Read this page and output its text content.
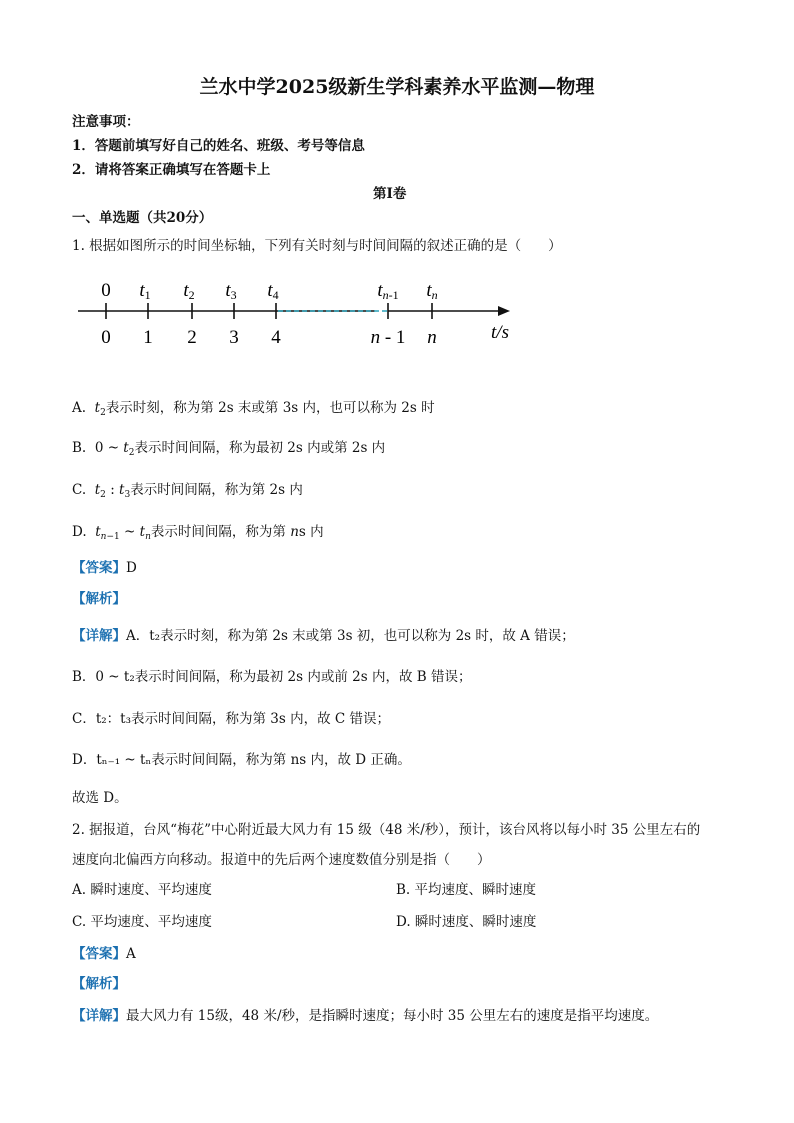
兰水中学2025级新生学科素养水平监测—物理
注意事项：
1．答题前填写好自己的姓名、班级、考号等信息
2．请将答案正确填写在答题卡上
第Ⅰ卷
一、单选题（共20分）
1. 根据如图所示的时间坐标轴，下列有关时刻与时间间隔的叙述正确的是（　　）
0 t1 t2 t3 t4	tn-1 tn
0 1 2 3 4	n - 1 n	t/s
A. $t_2$表示时刻，称为第 2s 末或第 3s 内，也可以称为 2s 时
B. 0 ~ $t_2$表示时间间隔，称为最初 2s 内或第 2s 内
C. $t_2$ : $t_3$表示时间间隔，称为第 2s 内
D. $t_{n-1}$ ~ $t_n$表示时间间隔，称为第 ns 内
【答案】D
【解析】
【详解】A．t₂表示时刻，称为第 2s 末或第 3s 初，也可以称为 2s 时，故 A 错误；
B．0 ~ t₂表示时间间隔，称为最初 2s 内或前 2s 内，故 B 错误；
C．t₂：t₃表示时间间隔，称为第 3s 内，故 C 错误；
D．tₙ₋₁ ~ tₙ表示时间间隔，称为第 ns 内，故 D 正确。
故选 D。
2. 据报道，台风“梅花”中心附近最大风力有 15 级（48 米/秒），预计，该台风将以每小时 35 公里左右的
速度向北偏西方向移动。报道中的先后两个速度数值分别是指（　　）
A. 瞬时速度、平均速度	B. 平均速度、瞬时速度
C. 平均速度、平均速度	D. 瞬时速度、瞬时速度
【答案】A
【解析】
【详解】最大风力有 15级，48 米/秒，是指瞬时速度；每小时 35 公里左右的速度是指平均速度。
